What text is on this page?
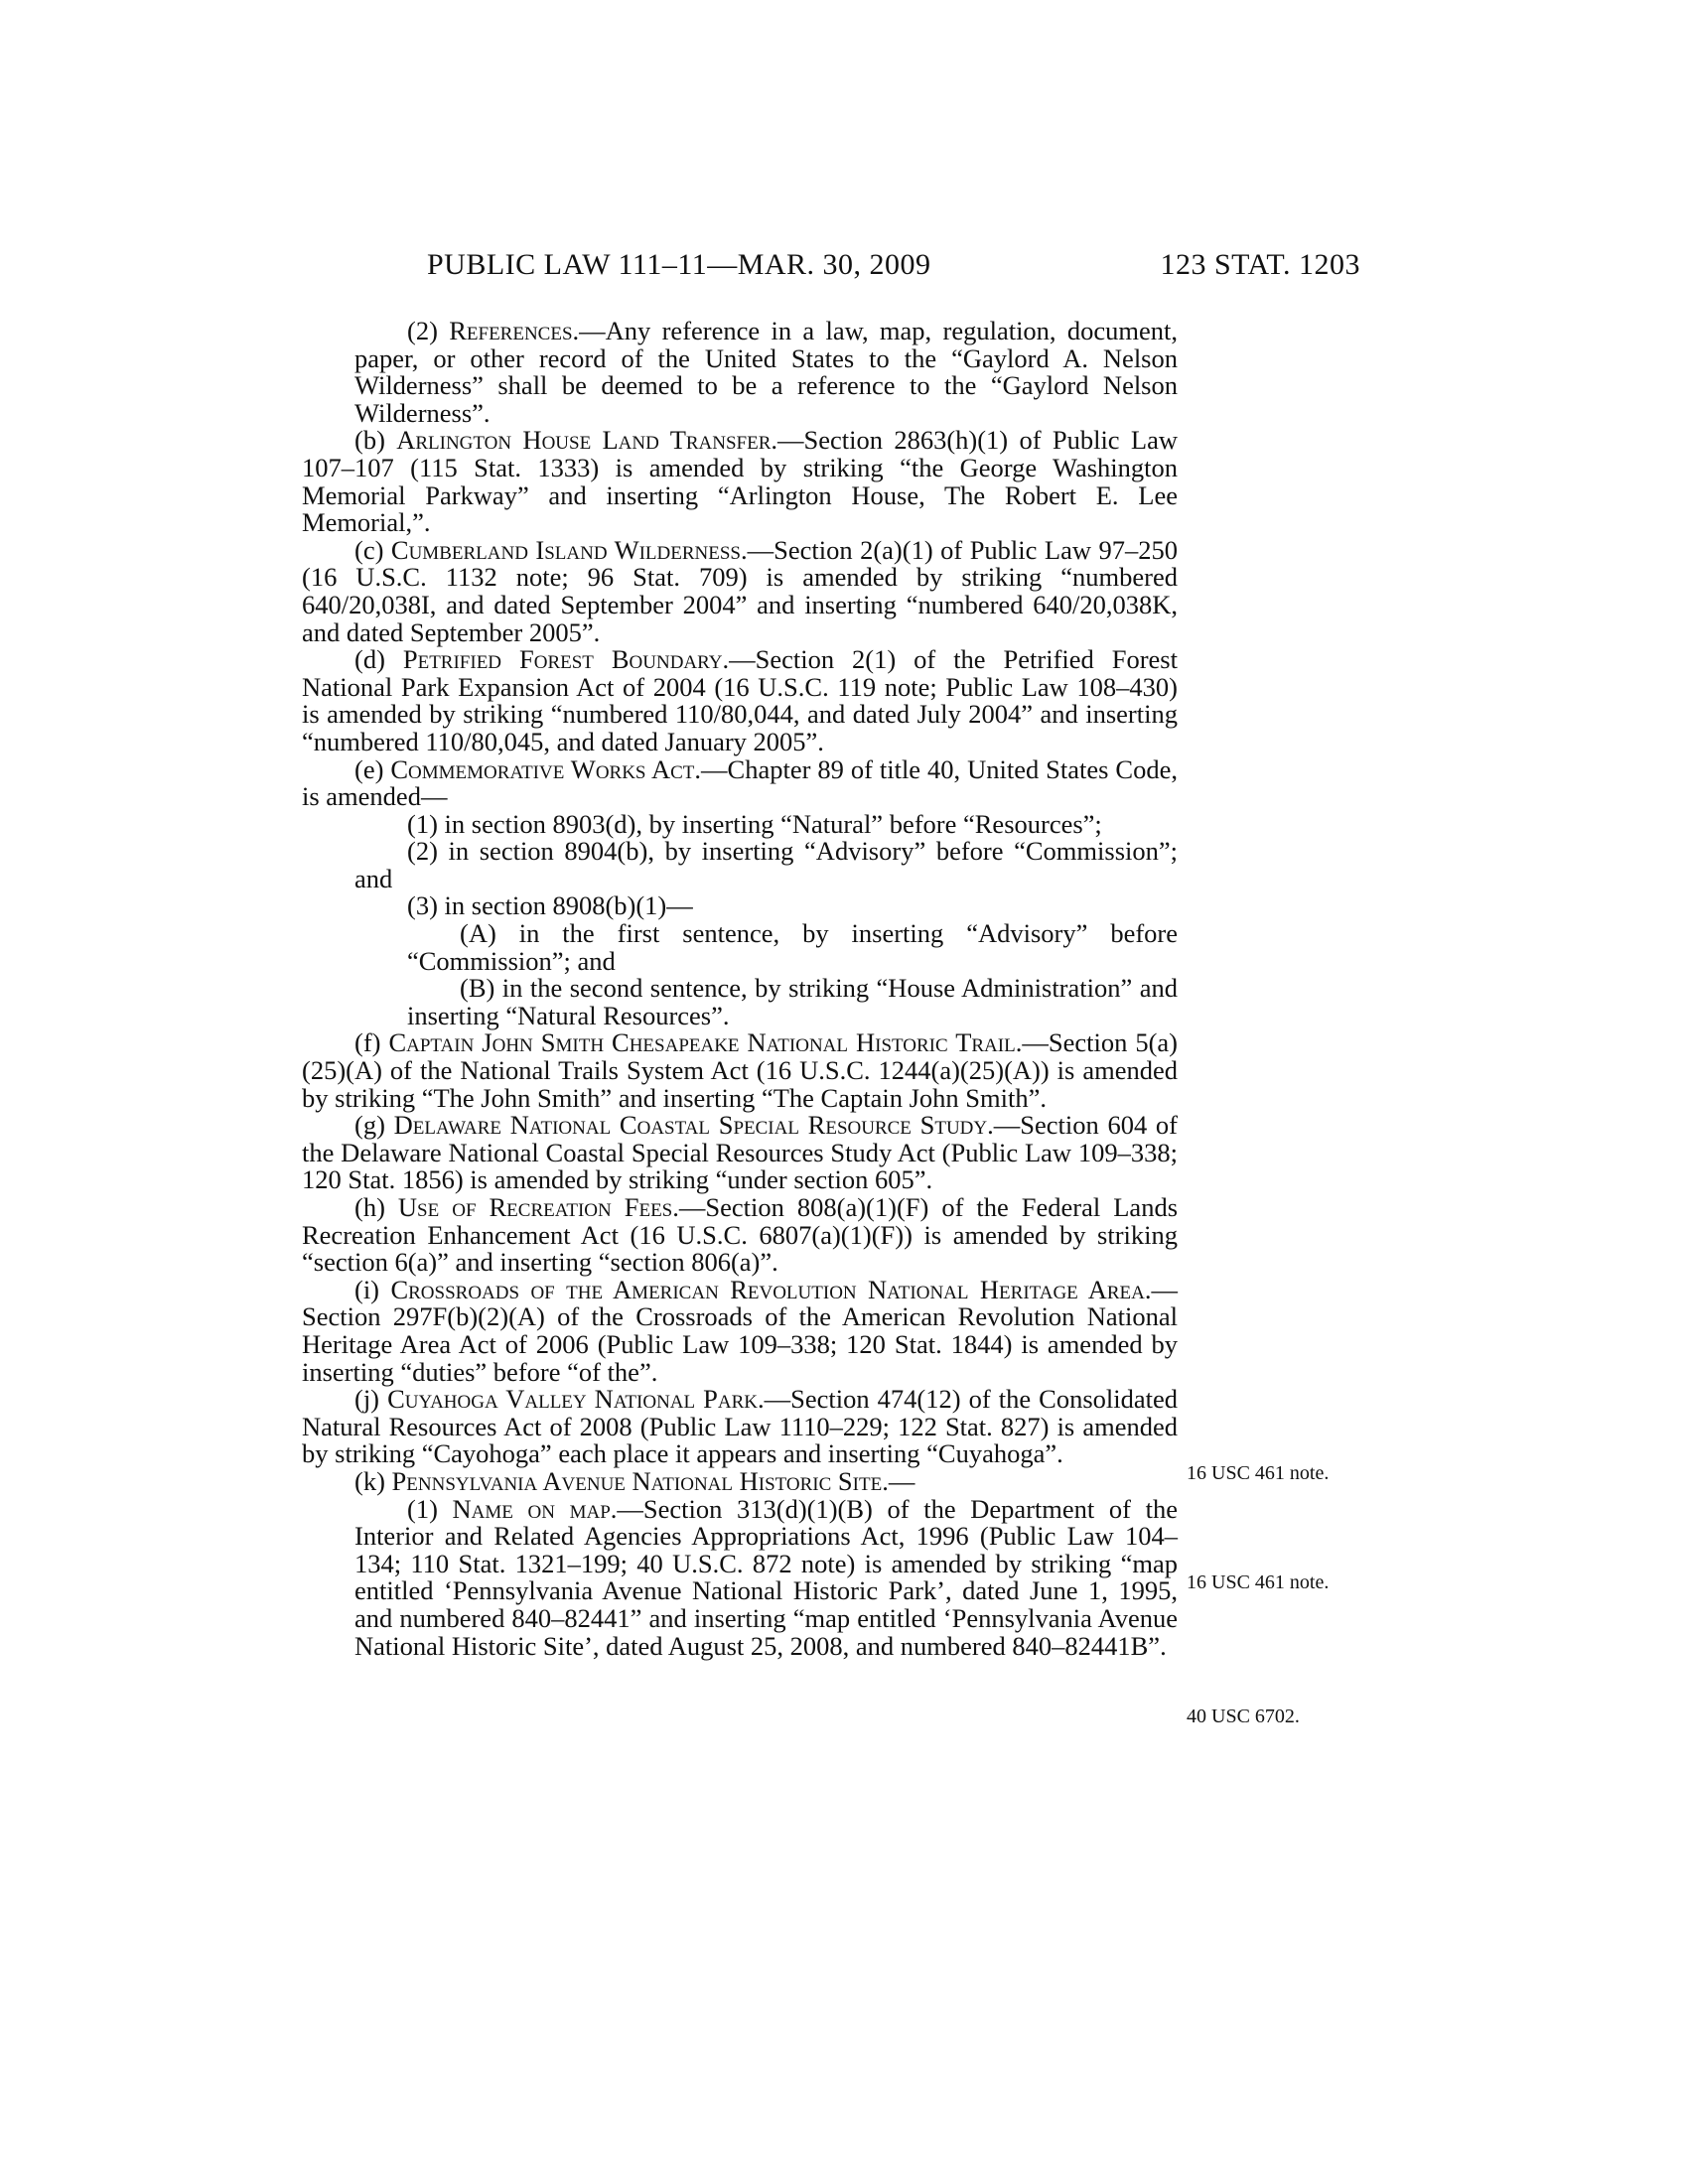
PUBLIC LAW 111–11—MAR. 30, 2009	123 STAT. 1203

(2) References.—Any reference in a law, map, regulation, document, paper, or other record of the United States to the “Gaylord A. Nelson Wilderness” shall be deemed to be a reference to the “Gaylord Nelson Wilderness”.

(b) Arlington House Land Transfer.—Section 2863(h)(1) of Public Law 107–107 (115 Stat. 1333) is amended by striking “the George Washington Memorial Parkway” and inserting “Arlington House, The Robert E. Lee Memorial,”.

(c) Cumberland Island Wilderness.—Section 2(a)(1) of Public Law 97–250 (16 U.S.C. 1132 note; 96 Stat. 709) is amended by striking “numbered 640/20,038I, and dated September 2004” and inserting “numbered 640/20,038K, and dated September 2005”.

(d) Petrified Forest Boundary.—Section 2(1) of the Petrified Forest National Park Expansion Act of 2004 (16 U.S.C. 119 note; Public Law 108–430) is amended by striking “numbered 110/80,044, and dated July 2004” and inserting “numbered 110/80,045, and dated January 2005”.

(e) Commemorative Works Act.—Chapter 89 of title 40, United States Code, is amended—

(1) in section 8903(d), by inserting “Natural” before “Resources”;

(2) in section 8904(b), by inserting “Advisory” before “Commission”; and

(3) in section 8908(b)(1)—

(A) in the first sentence, by inserting “Advisory” before “Commission”; and

(B) in the second sentence, by striking “House Administration” and inserting “Natural Resources”.

(f) Captain John Smith Chesapeake National Historic Trail.—Section 5(a)(25)(A) of the National Trails System Act (16 U.S.C. 1244(a)(25)(A)) is amended by striking “The John Smith” and inserting “The Captain John Smith”.

(g) Delaware National Coastal Special Resource Study.—Section 604 of the Delaware National Coastal Special Resources Study Act (Public Law 109–338; 120 Stat. 1856) is amended by striking “under section 605”.

(h) Use of Recreation Fees.—Section 808(a)(1)(F) of the Federal Lands Recreation Enhancement Act (16 U.S.C. 6807(a)(1)(F)) is amended by striking “section 6(a)” and inserting “section 806(a)”.

(i) Crossroads of the American Revolution National Heritage Area.—Section 297F(b)(2)(A) of the Crossroads of the American Revolution National Heritage Area Act of 2006 (Public Law 109–338; 120 Stat. 1844) is amended by inserting “duties” before “of the”.

(j) Cuyahoga Valley National Park.—Section 474(12) of the Consolidated Natural Resources Act of 2008 (Public Law 1110–229; 122 Stat. 827) is amended by striking “Cayohoga” each place it appears and inserting “Cuyahoga”.

(k) Pennsylvania Avenue National Historic Site.—

(1) Name on map.—Section 313(d)(1)(B) of the Department of the Interior and Related Agencies Appropriations Act, 1996 (Public Law 104–134; 110 Stat. 1321–199; 40 U.S.C. 872 note) is amended by striking “map entitled ‘Pennsylvania Avenue National Historic Park’, dated June 1, 1995, and numbered 840–82441” and inserting “map entitled ‘Pennsylvania Avenue National Historic Site’, dated August 25, 2008, and numbered 840–82441B”.

16 USC 461 note.
16 USC 461 note.
40 USC 6702.
